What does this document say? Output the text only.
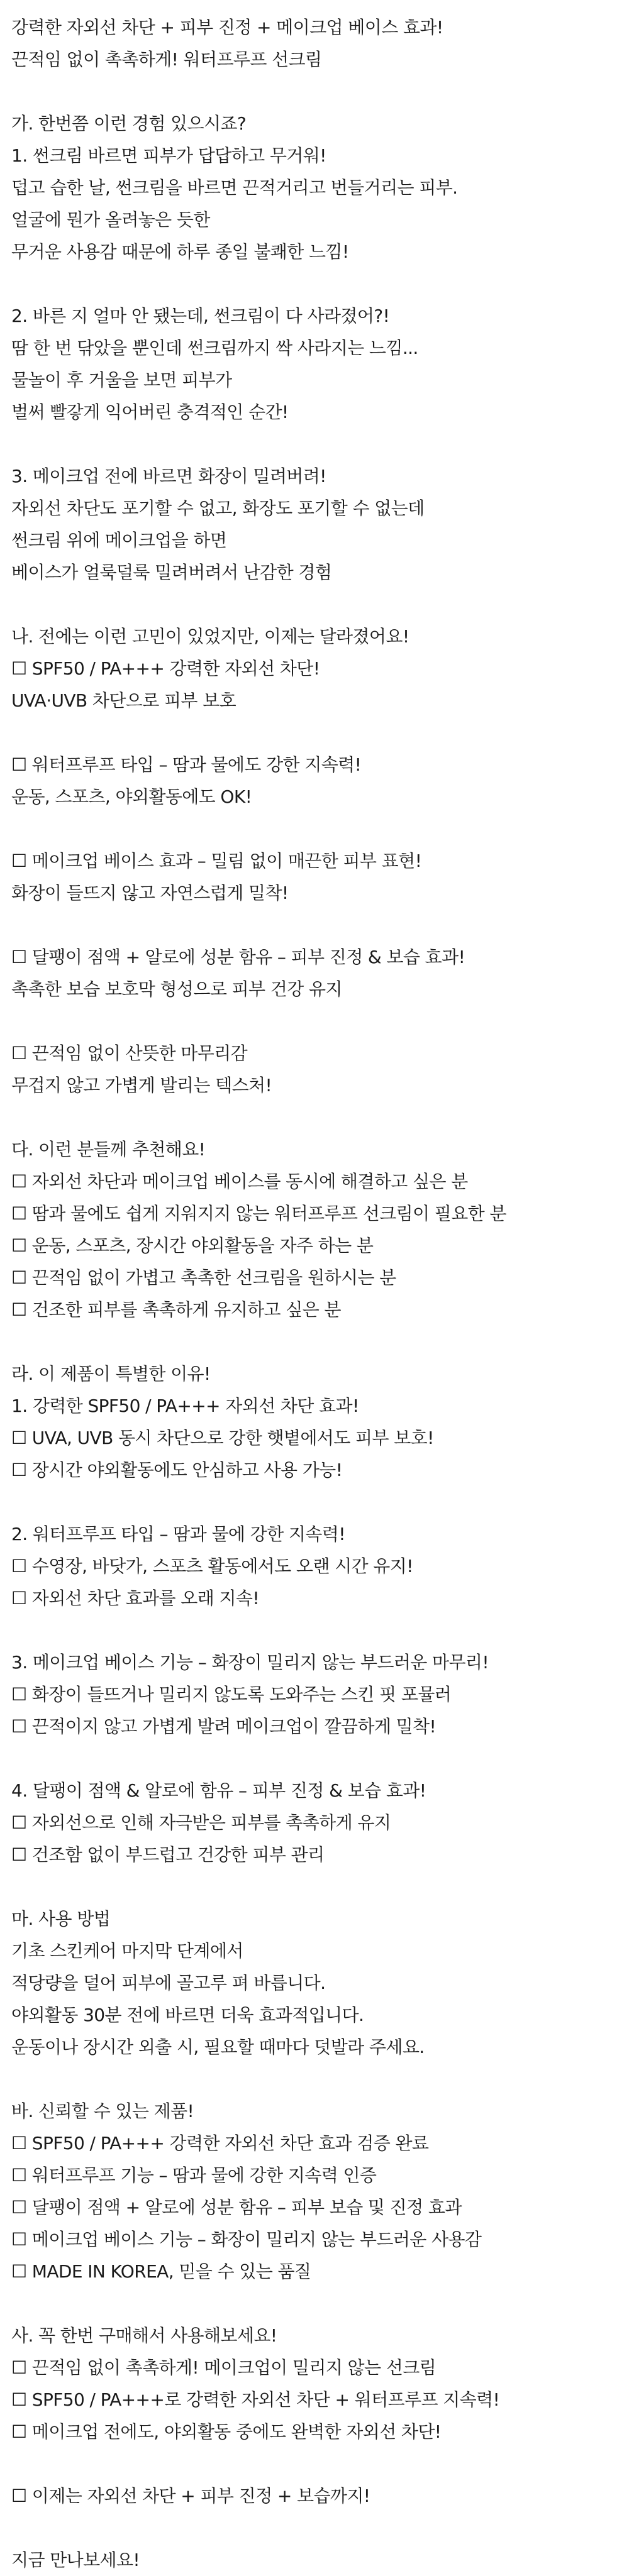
강력한 자외선 차단 + 피부 진정 + 메이크업 베이스 효과!
끈적임 없이 촉촉하게! 워터프루프 선크림
가. 한번쯤 이런 경험 있으시죠?
1. 썬크림 바르면 피부가 답답하고 무거워!
덥고 습한 날, 썬크림을 바르면 끈적거리고 번들거리는 피부.
얼굴에 뭔가 올려놓은 듯한
무거운 사용감 때문에 하루 종일 불쾌한 느낌!
2. 바른 지 얼마 안 됐는데, 썬크림이 다 사라졌어?!
땀 한 번 닦았을 뿐인데 썬크림까지 싹 사라지는 느낌...
물놀이 후 거울을 보면 피부가
벌써 빨갛게 익어버린 충격적인 순간!
3. 메이크업 전에 바르면 화장이 밀려버려!
자외선 차단도 포기할 수 없고, 화장도 포기할 수 없는데
썬크림 위에 메이크업을 하면
베이스가 얼룩덜룩 밀려버려서 난감한 경험
나. 전에는 이런 고민이 있었지만, 이제는 달라졌어요!
☐ SPF50 / PA+++ 강력한 자외선 차단!
UVA·UVB 차단으로 피부 보호
☐ 워터프루프 타입 – 땀과 물에도 강한 지속력!
운동, 스포츠, 야외활동에도 OK!
☐ 메이크업 베이스 효과 – 밀림 없이 매끈한 피부 표현!
화장이 들뜨지 않고 자연스럽게 밀착!
☐ 달팽이 점액 + 알로에 성분 함유 – 피부 진정 & 보습 효과!
촉촉한 보습 보호막 형성으로 피부 건강 유지
☐ 끈적임 없이 산뜻한 마무리감
무겁지 않고 가볍게 발리는 텍스처!
다. 이런 분들께 추천해요!
☐ 자외선 차단과 메이크업 베이스를 동시에 해결하고 싶은 분
☐ 땀과 물에도 쉽게 지워지지 않는 워터프루프 선크림이 필요한 분
☐ 운동, 스포츠, 장시간 야외활동을 자주 하는 분
☐ 끈적임 없이 가볍고 촉촉한 선크림을 원하시는 분
☐ 건조한 피부를 촉촉하게 유지하고 싶은 분
라. 이 제품이 특별한 이유!
1. 강력한 SPF50 / PA+++ 자외선 차단 효과!
☐ UVA, UVB 동시 차단으로 강한 햇볕에서도 피부 보호!
☐ 장시간 야외활동에도 안심하고 사용 가능!
2. 워터프루프 타입 – 땀과 물에 강한 지속력!
☐ 수영장, 바닷가, 스포츠 활동에서도 오랜 시간 유지!
☐ 자외선 차단 효과를 오래 지속!
3. 메이크업 베이스 기능 – 화장이 밀리지 않는 부드러운 마무리!
☐ 화장이 들뜨거나 밀리지 않도록 도와주는 스킨 핏 포뮬러
☐ 끈적이지 않고 가볍게 발려 메이크업이 깔끔하게 밀착!
4. 달팽이 점액 & 알로에 함유 – 피부 진정 & 보습 효과!
☐ 자외선으로 인해 자극받은 피부를 촉촉하게 유지
☐ 건조함 없이 부드럽고 건강한 피부 관리
마. 사용 방법
기초 스킨케어 마지막 단계에서
적당량을 덜어 피부에 골고루 펴 바릅니다.
야외활동 30분 전에 바르면 더욱 효과적입니다.
운동이나 장시간 외출 시, 필요할 때마다 덧발라 주세요.
바. 신뢰할 수 있는 제품!
☐ SPF50 / PA+++ 강력한 자외선 차단 효과 검증 완료
☐ 워터프루프 기능 – 땀과 물에 강한 지속력 인증
☐ 달팽이 점액 + 알로에 성분 함유 – 피부 보습 및 진정 효과
☐ 메이크업 베이스 기능 – 화장이 밀리지 않는 부드러운 사용감
☐ MADE IN KOREA, 믿을 수 있는 품질
사. 꼭 한번 구매해서 사용해보세요!
☐ 끈적임 없이 촉촉하게! 메이크업이 밀리지 않는 선크림
☐ SPF50 / PA+++로 강력한 자외선 차단 + 워터프루프 지속력!
☐ 메이크업 전에도, 야외활동 중에도 완벽한 자외선 차단!
☐ 이제는 자외선 차단 + 피부 진정 + 보습까지!
지금 만나보세요!
